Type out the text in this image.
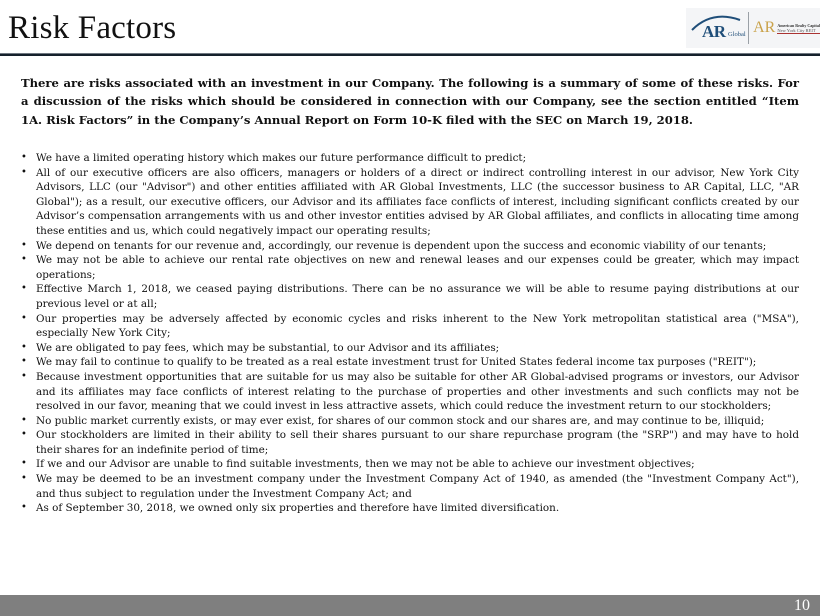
Risk Factors	AR Global AR American Realty Capital
New York City REIT

There are risks associated with an investment in our Company. The following is a summary of some of these risks. For a discussion of the risks which should be considered in connection with our Company, see the section entitled “Item 1A. Risk Factors” in the Company’s Annual Report on Form 10-K filed with the SEC on March 19, 2018.

• We have a limited operating history which makes our future performance difficult to predict;
• All of our executive officers are also officers, managers or holders of a direct or indirect controlling interest in our advisor, New York City Advisors, LLC (our "Advisor") and other entities affiliated with AR Global Investments, LLC (the successor business to AR Capital, LLC, "AR Global"); as a result, our executive officers, our Advisor and its affiliates face conflicts of interest, including significant conflicts created by our Advisor’s compensation arrangements with us and other investor entities advised by AR Global affiliates, and conflicts in allocating time among these entities and us, which could negatively impact our operating results;
• We depend on tenants for our revenue and, accordingly, our revenue is dependent upon the success and economic viability of our tenants;
• We may not be able to achieve our rental rate objectives on new and renewal leases and our expenses could be greater, which may impact operations;
• Effective March 1, 2018, we ceased paying distributions. There can be no assurance we will be able to resume paying distributions at our previous level or at all;
• Our properties may be adversely affected by economic cycles and risks inherent to the New York metropolitan statistical area ("MSA"), especially New York City;
• We are obligated to pay fees, which may be substantial, to our Advisor and its affiliates;
• We may fail to continue to qualify to be treated as a real estate investment trust for United States federal income tax purposes ("REIT");
• Because investment opportunities that are suitable for us may also be suitable for other AR Global-advised programs or investors, our Advisor and its affiliates may face conflicts of interest relating to the purchase of properties and other investments and such conflicts may not be resolved in our favor, meaning that we could invest in less attractive assets, which could reduce the investment return to our stockholders;
• No public market currently exists, or may ever exist, for shares of our common stock and our shares are, and may continue to be, illiquid;
• Our stockholders are limited in their ability to sell their shares pursuant to our share repurchase program (the "SRP") and may have to hold their shares for an indefinite period of time;
• If we and our Advisor are unable to find suitable investments, then we may not be able to achieve our investment objectives;
• We may be deemed to be an investment company under the Investment Company Act of 1940, as amended (the "Investment Company Act"), and thus subject to regulation under the Investment Company Act; and
• As of September 30, 2018, we owned only six properties and therefore have limited diversification.
10
